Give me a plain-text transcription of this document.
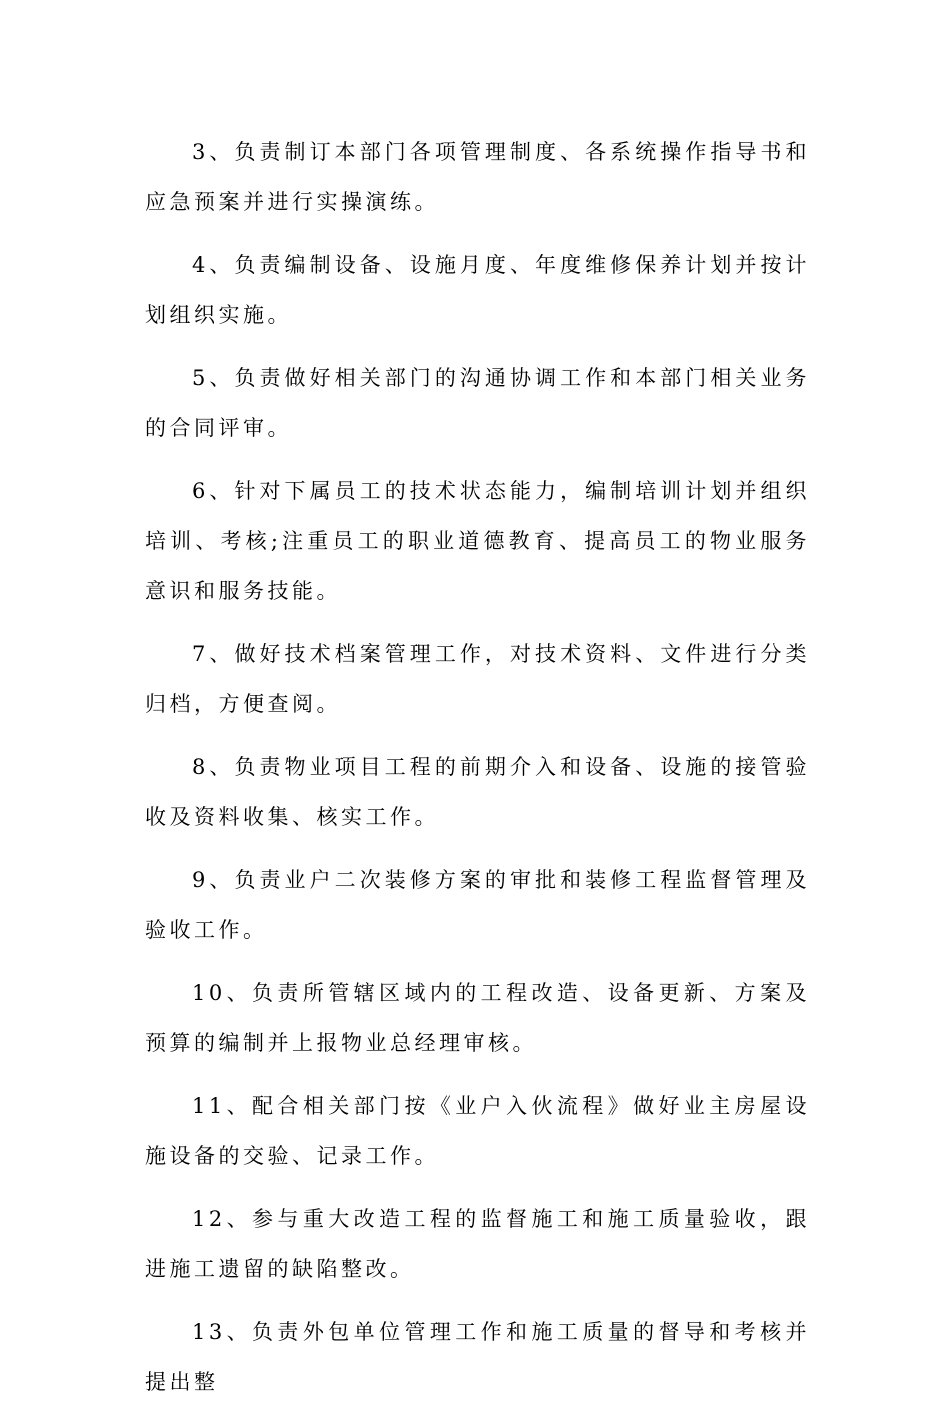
3、负责制订本部门各项管理制度、各系统操作指导书和应急预案并进行实操演练。

4、负责编制设备、设施月度、年度维修保养计划并按计划组织实施。

5、负责做好相关部门的沟通协调工作和本部门相关业务的合同评审。

6、针对下属员工的技术状态能力，编制培训计划并组织培训、考核;注重员工的职业道德教育、提高员工的物业服务意识和服务技能。

7、做好技术档案管理工作，对技术资料、文件进行分类归档，方便查阅。

8、负责物业项目工程的前期介入和设备、设施的接管验收及资料收集、核实工作。

9、负责业户二次装修方案的审批和装修工程监督管理及验收工作。

10、负责所管辖区域内的工程改造、设备更新、方案及预算的编制并上报物业总经理审核。

11、配合相关部门按《业户入伙流程》做好业主房屋设施设备的交验、记录工作。

12、参与重大改造工程的监督施工和施工质量验收，跟进施工遗留的缺陷整改。

13、负责外包单位管理工作和施工质量的督导和考核并提出整
